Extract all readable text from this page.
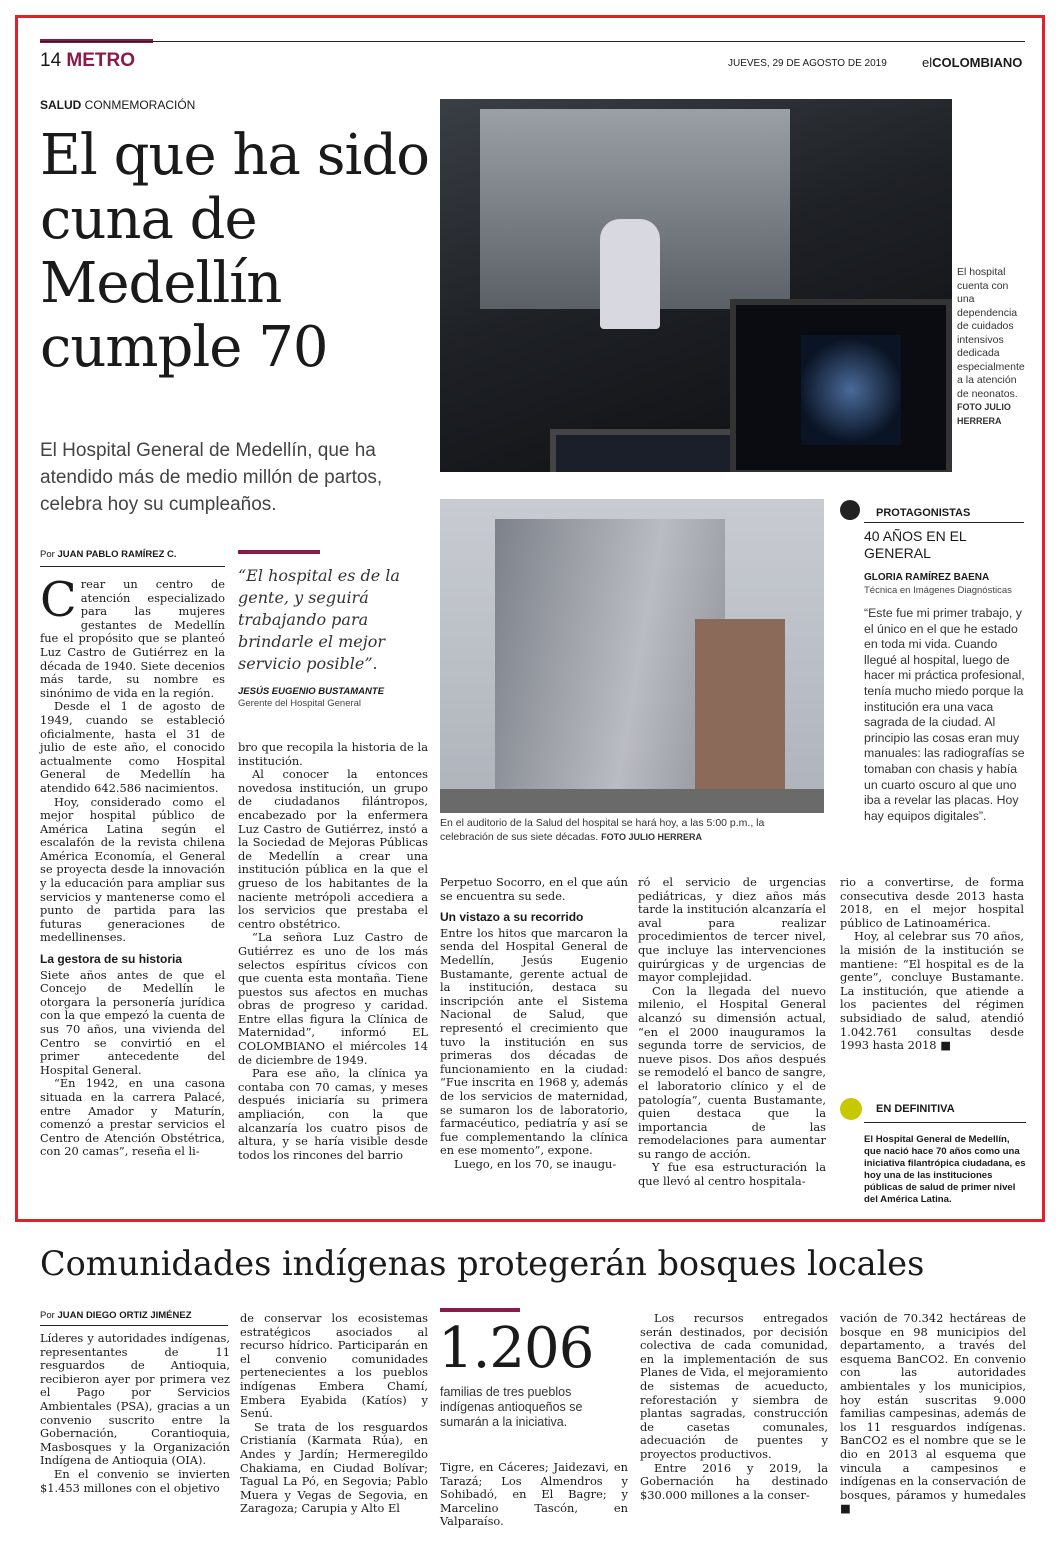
14 METRO	JUEVES, 29 DE AGOSTO DE 2019	elCOLOMBIANO
SALUD CONMEMORACIÓN
El que ha sido cuna de Medellín cumple 70
El Hospital General de Medellín, que ha atendido más de medio millón de partos, celebra hoy su cumpleaños.
El hospital cuenta con una dependencia de cuidados intensivos dedicada especialmente a la atención de neonatos. FOTO JULIO HERRERA
En el auditorio de la Salud del hospital se hará hoy, a las 5:00 p.m., la celebración de sus siete décadas. FOTO JULIO HERRERA
PROTAGONISTAS
40 AÑOS EN EL GENERAL
GLORIA RAMÍREZ BAENA
Técnica en Imágenes Diagnósticas
“Este fue mi primer trabajo, y el único en el que he estado en toda mi vida. Cuando llegué al hospital, luego de hacer mi práctica profesional, tenía mucho miedo porque la institución era una vaca sagrada de la ciudad. Al principio las cosas eran muy manuales: las radiografías se tomaban con chasis y había un cuarto oscuro al que uno iba a revelar las placas. Hoy hay equipos digitales”.
Por JUAN PABLO RAMÍREZ C.

Crear un centro de atención especializado para las mujeres gestantes de Medellín fue el propósito que se planteó Luz Castro de Gutiérrez en la década de 1940. Siete decenios más tarde, su nombre es sinónimo de vida en la región.

Desde el 1 de agosto de 1949, cuando se estableció oficialmente, hasta el 31 de julio de este año, el conocido actualmente como Hospital General de Medellín ha atendido 642.586 nacimientos.

Hoy, considerado como el mejor hospital público de América Latina según el escalafón de la revista chilena América Economía, el General se proyecta desde la innovación y la educación para ampliar sus servicios y mantenerse como el punto de partida para las futuras generaciones de medellinenses.

La gestora de su historia

Siete años antes de que el Concejo de Medellín le otorgara la personería jurídica con la que empezó la cuenta de sus 70 años, una vivienda del Centro se convirtió en el primer antecedente del Hospital General.

“En 1942, en una casona situada en la carrera Palacé, entre Amador y Maturín, comenzó a prestar servicios el Centro de Atención Obstétrica, con 20 camas”, reseña el li-

“El hospital es de la gente, y seguirá trabajando para brindarle el mejor servicio posible”.
JESÚS EUGENIO BUSTAMANTE
Gerente del Hospital General

bro que recopila la historia de la institución.

Al conocer la entonces novedosa institución, un grupo de ciudadanos filántropos, encabezado por la enfermera Luz Castro de Gutiérrez, instó a la Sociedad de Mejoras Públicas de Medellín a crear una institución pública en la que el grueso de los habitantes de la naciente metrópoli accediera a los servicios que prestaba el centro obstétrico.

“La señora Luz Castro de Gutiérrez es uno de los más selectos espíritus cívicos con que cuenta esta montaña. Tiene puestos sus afectos en muchas obras de progreso y caridad. Entre ellas figura la Clínica de Maternidad”, informó EL COLOMBIANO el miércoles 14 de diciembre de 1949.

Para ese año, la clínica ya contaba con 70 camas, y meses después iniciaría su primera ampliación, con la que alcanzaría los cuatro pisos de altura, y se haría visible desde todos los rincones del barrio

Perpetuo Socorro, en el que aún se encuentra su sede.

Un vistazo a su recorrido

Entre los hitos que marcaron la senda del Hospital General de Medellín, Jesús Eugenio Bustamante, gerente actual de la institución, destaca su inscripción ante el Sistema Nacional de Salud, que representó el crecimiento que tuvo la institución en sus primeras dos décadas de funcionamiento en la ciudad: “Fue inscrita en 1968 y, además de los servicios de maternidad, se sumaron los de laboratorio, farmacéutico, pediatría y así se fue complementando la clínica en ese momento”, expone.

Luego, en los 70, se inaugu-

ró el servicio de urgencias pediátricas, y diez años más tarde la institución alcanzaría el aval para realizar procedimientos de tercer nivel, que incluye las intervenciones quirúrgicas y de urgencias de mayor complejidad.

Con la llegada del nuevo milenio, el Hospital General alcanzó su dimensión actual, “en el 2000 inauguramos la segunda torre de servicios, de nueve pisos. Dos años después se remodeló el banco de sangre, el laboratorio clínico y el de patología”, cuenta Bustamante, quien destaca que la importancia de las remodelaciones para aumentar su rango de acción.

Y fue esa estructuración la que llevó al centro hospitala-

rio a convertirse, de forma consecutiva desde 2013 hasta 2018, en el mejor hospital público de Latinoamérica.

Hoy, al celebrar sus 70 años, la misión de la institución se mantiene: “El hospital es de la gente”, concluye Bustamante. La institución, que atiende a los pacientes del régimen subsidiado de salud, atendió 1.042.761 consultas desde 1993 hasta 2018 ■

EN DEFINITIVA
El Hospital General de Medellín, que nació hace 70 años como una iniciativa filantrópica ciudadana, es hoy una de las instituciones públicas de salud de primer nivel del América Latina.
Comunidades indígenas protegerán bosques locales
Por JUAN DIEGO ORTIZ JIMÉNEZ

Líderes y autoridades indígenas, representantes de 11 resguardos de Antioquia, recibieron ayer por primera vez el Pago por Servicios Ambientales (PSA), gracias a un convenio suscrito entre la Gobernación, Corantioquia, Masbosques y la Organización Indígena de Antioquia (OIA).

En el convenio se invierten $1.453 millones con el objetivo

de conservar los ecosistemas estratégicos asociados al recurso hídrico. Participarán en el convenio comunidades pertenecientes a los pueblos indígenas Embera Chamí, Embera Eyabida (Katíos) y Senú.

Se trata de los resguardos Cristianía (Karmata Rúa), en Andes y Jardín; Hermeregildo Chakiama, en Ciudad Bolívar; Tagual La Pó, en Segovia; Pablo Muera y Vegas de Segovia, en Zaragoza; Carupia y Alto El

1.206
familias de tres pueblos indígenas antioqueños se sumarán a la iniciativa.

Tigre, en Cáceres; Jaidezavi, en Tarazá; Los Almendros y Sohibadó, en El Bagre; y Marcelino Tascón, en Valparaíso.

Los recursos entregados serán destinados, por decisión colectiva de cada comunidad, en la implementación de sus Planes de Vida, el mejoramiento de sistemas de acueducto, reforestación y siembra de plantas sagradas, construcción de casetas comunales, adecuación de puentes y proyectos productivos.

Entre 2016 y 2019, la Gobernación ha destinado $30.000 millones a la conser-

vación de 70.342 hectáreas de bosque en 98 municipios del departamento, a través del esquema BanCO2. En convenio con las autoridades ambientales y los municipios, hoy están suscritas 9.000 familias campesinas, además de los 11 resguardos indígenas. BanCO2 es el nombre que se le dio en 2013 al esquema que vincula a campesinos e indígenas en la conservación de bosques, páramos y humedales ■
